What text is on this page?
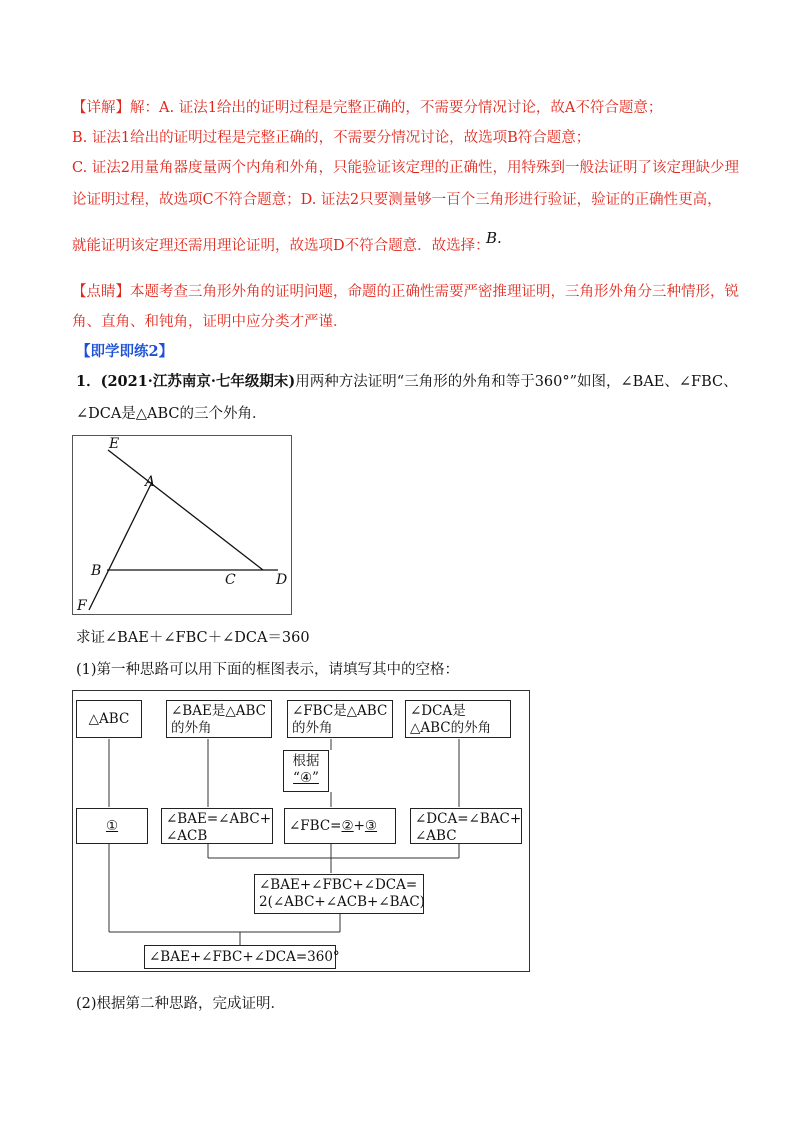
【详解】解：A. 证法1给出的证明过程是完整正确的，不需要分情况讨论，故A不符合题意；
B. 证法1给出的证明过程是完整正确的，不需要分情况讨论，故选项B符合题意；
C. 证法2用量角器度量两个内角和外角，只能验证该定理的正确性，用特殊到一般法证明了该定理缺少理
论证明过程，故选项C不符合题意；D. 证法2只要测量够一百个三角形进行验证，验证的正确性更高，
就能证明该定理还需用理论证明，故选项D不符合题意．故选择：
B.
【点睛】本题考查三角形外角的证明问题，命题的正确性需要严密推理证明，三角形外角分三种情形，锐
角、直角、和钝角，证明中应分类才严谨．
【即学即练2】
1．(2021·江苏南京·七年级期末)用两种方法证明“三角形的外角和等于360°”如图，∠BAE、∠FBC、
∠DCA是△ABC的三个外角．
E
A
B
C	D
F
求证∠BAE＋∠FBC＋∠DCA＝360
(1)第一种思路可以用下面的框图表示，请填写其中的空格：
△ABC	∠BAE是△ABC的外角
∠FBC是△ABC的外角
∠DCA是△ABC的外角
根据
“④”
①	∠BAE=∠ABC+
∠ACB
∠FBC=②+③	∠DCA=∠BAC+
∠ABC
∠BAE+∠FBC+∠DCA=
2(∠ABC+∠ACB+∠BAC)
∠BAE+∠FBC+∠DCA=360°
(2)根据第二种思路，完成证明．
